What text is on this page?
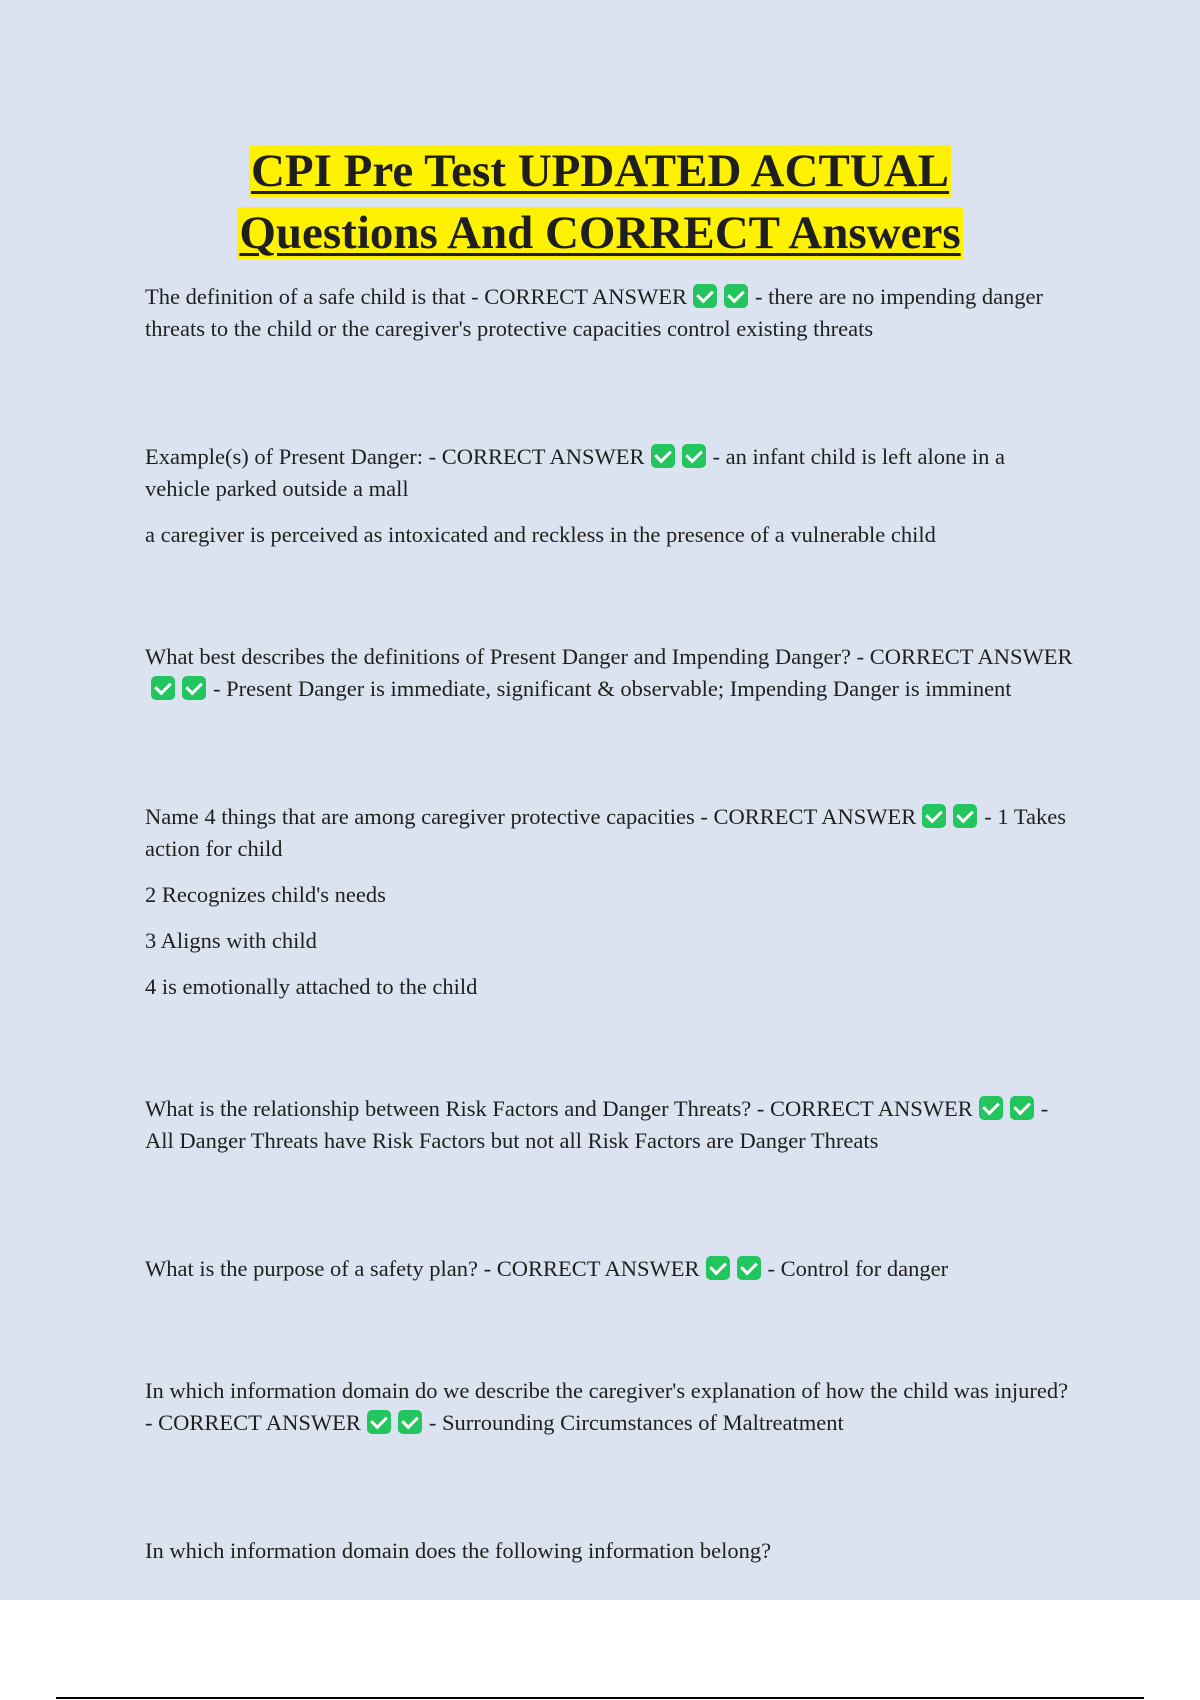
CPI Pre Test UPDATED ACTUAL
Questions And CORRECT Answers

The definition of a safe child is that - CORRECT ANSWER	- there are no impending danger threats to the child or the caregiver's protective capacities control existing threats

Example(s) of Present Danger: - CORRECT ANSWER	- an infant child is left alone in a vehicle parked outside a mall

a caregiver is perceived as intoxicated and reckless in the presence of a vulnerable child

What best describes the definitions of Present Danger and Impending Danger? - CORRECT ANSWER- Present Danger is immediate, significant & observable; Impending Danger is imminent

Name 4 things that are among caregiver protective capacities - CORRECT ANSWER	- 1 Takes action for child

2 Recognizes child's needs

3 Aligns with child

4 is emotionally attached to the child

What is the relationship between Risk Factors and Danger Threats? - CORRECT ANSWER	- All Danger Threats have Risk Factors but not all Risk Factors are Danger Threats

What is the purpose of a safety plan? - CORRECT ANSWER	- Control for danger

In which information domain do we describe the caregiver's explanation of how the child was injured? - CORRECT ANSWER	- Surrounding Circumstances of Maltreatment

In which information domain does the following information belong?
